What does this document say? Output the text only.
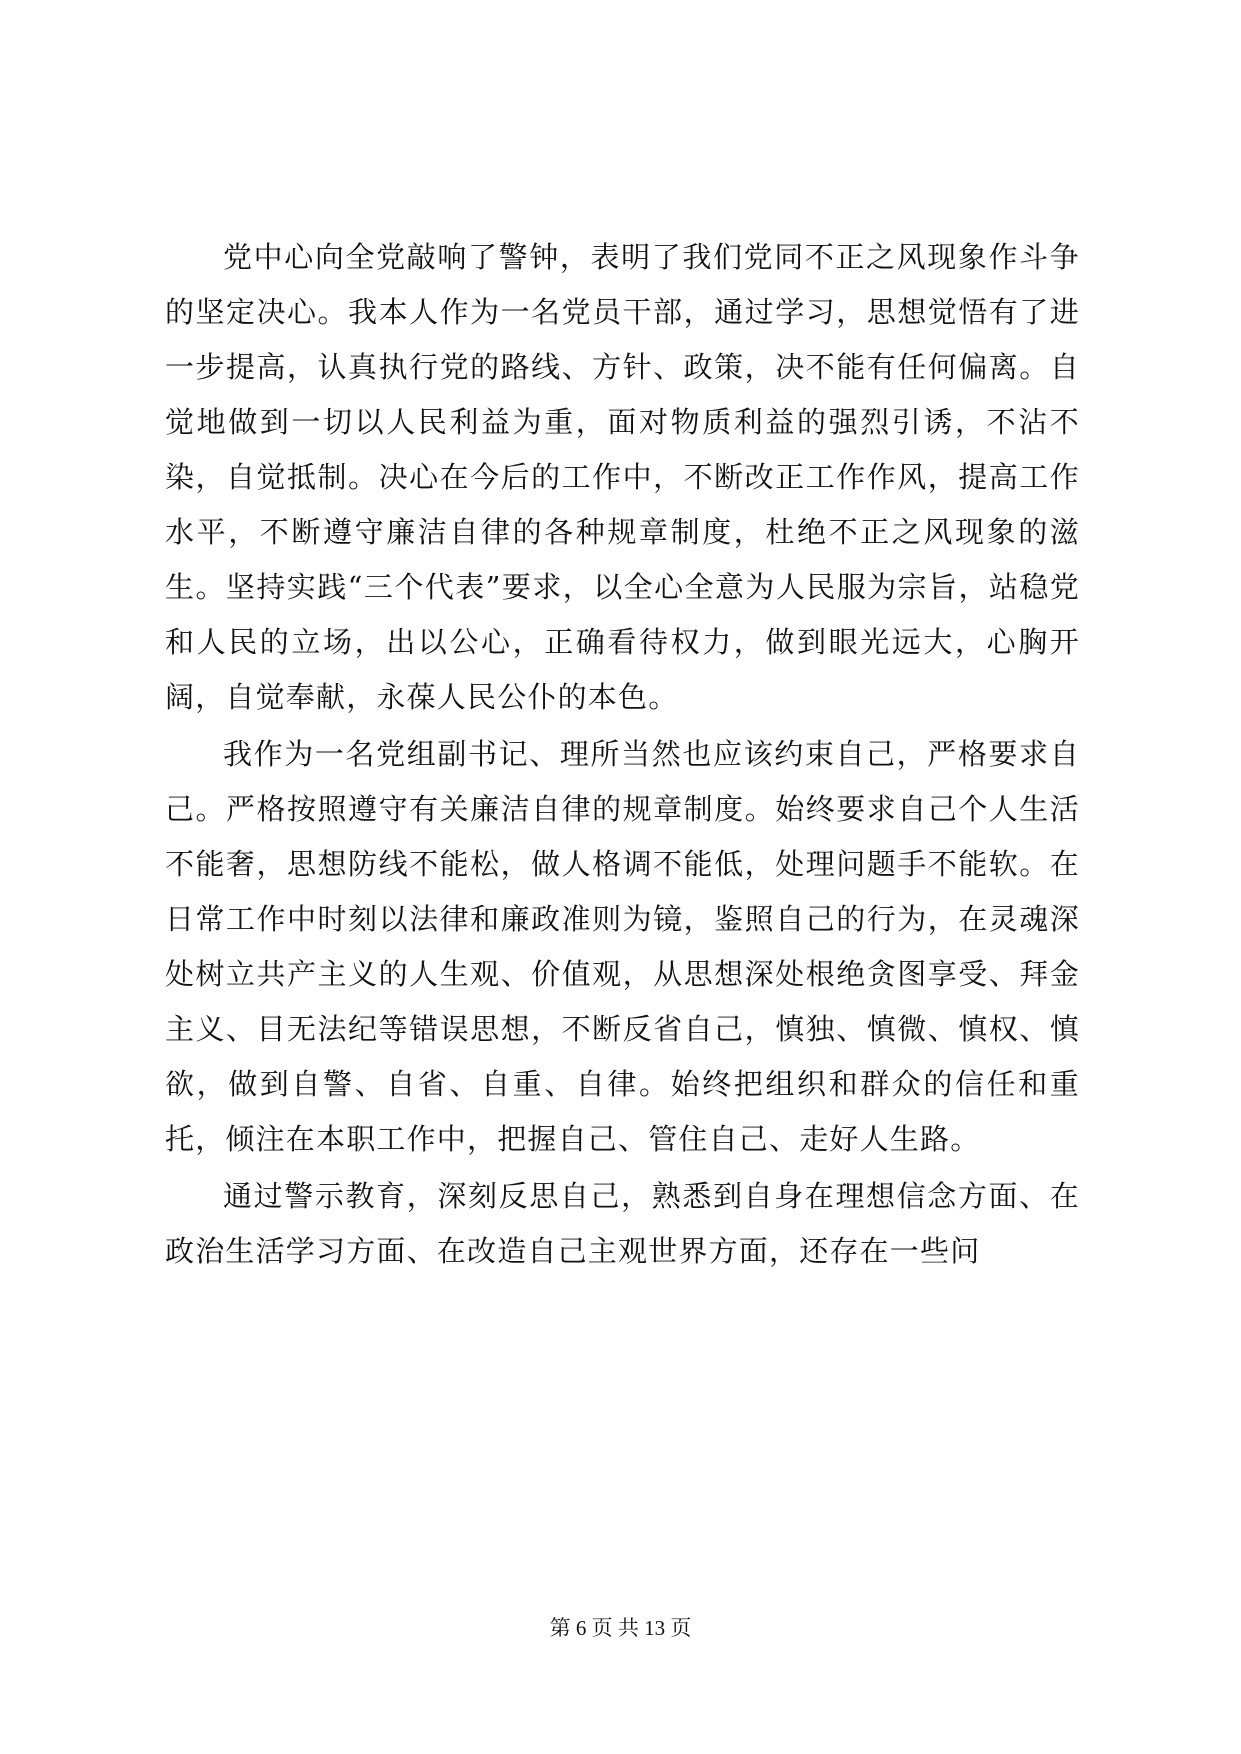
党中心向全党敲响了警钟，表明了我们党同不正之风现象作斗争的坚定决心。我本人作为一名党员干部，通过学习，思想觉悟有了进一步提高，认真执行党的路线、方针、政策，决不能有任何偏离。自觉地做到一切以人民利益为重，面对物质利益的强烈引诱，不沾不染，自觉抵制。决心在今后的工作中，不断改正工作作风，提高工作水平，不断遵守廉洁自律的各种规章制度，杜绝不正之风现象的滋生。坚持实践“三个代表”要求，以全心全意为人民服为宗旨，站稳党和人民的立场，出以公心，正确看待权力，做到眼光远大，心胸开阔，自觉奉献，永葆人民公仆的本色。

我作为一名党组副书记、理所当然也应该约束自己，严格要求自己。严格按照遵守有关廉洁自律的规章制度。始终要求自己个人生活不能奢，思想防线不能松，做人格调不能低，处理问题手不能软。在日常工作中时刻以法律和廉政准则为镜，鉴照自己的行为，在灵魂深处树立共产主义的人生观、价值观，从思想深处根绝贪图享受、拜金主义、目无法纪等错误思想，不断反省自己，慎独、慎微、慎权、慎欲，做到自警、自省、自重、自律。始终把组织和群众的信任和重托，倾注在本职工作中，把握自己、管住自己、走好人生路。

通过警示教育，深刻反思自己，熟悉到自身在理想信念方面、在政治生活学习方面、在改造自己主观世界方面，还存在一些问

第 6 页 共 13 页
